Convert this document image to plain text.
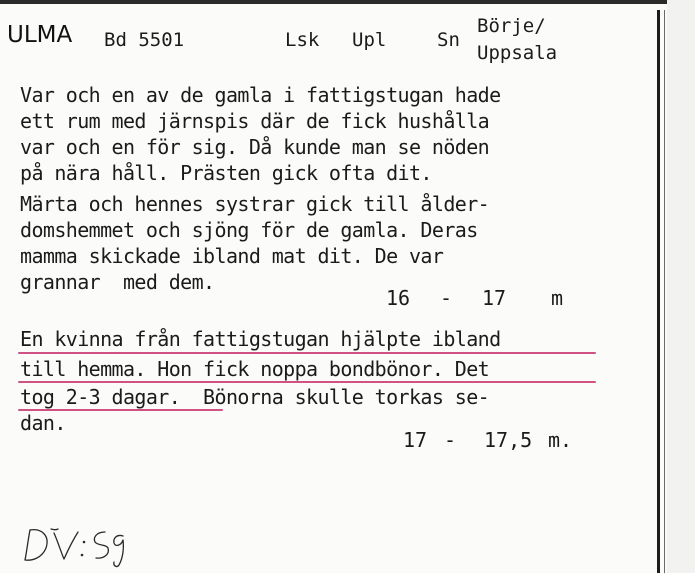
ULMA Bd 5501	Lsk Upl	Sn
Börje/
Uppsala
Var och en av de gamla i fattigstugan hade
ett rum med järnspis där de fick hushålla
var och en för sig. Då kunde man se nöden
på nära håll. Prästen gick ofta dit.
Märta och hennes systrar gick till ålder-
domshemmet och sjöng för de gamla. Deras
mamma skickade ibland mat dit. De var
grannar  med dem.
16 - 17 m
En kvinna från fattigstugan hjälpte ibland
till hemma. Hon fick noppa bondbönor. Det
tog 2-3 dagar.  Bönorna skulle torkas se-
dan.
17 - 17,5 m.
